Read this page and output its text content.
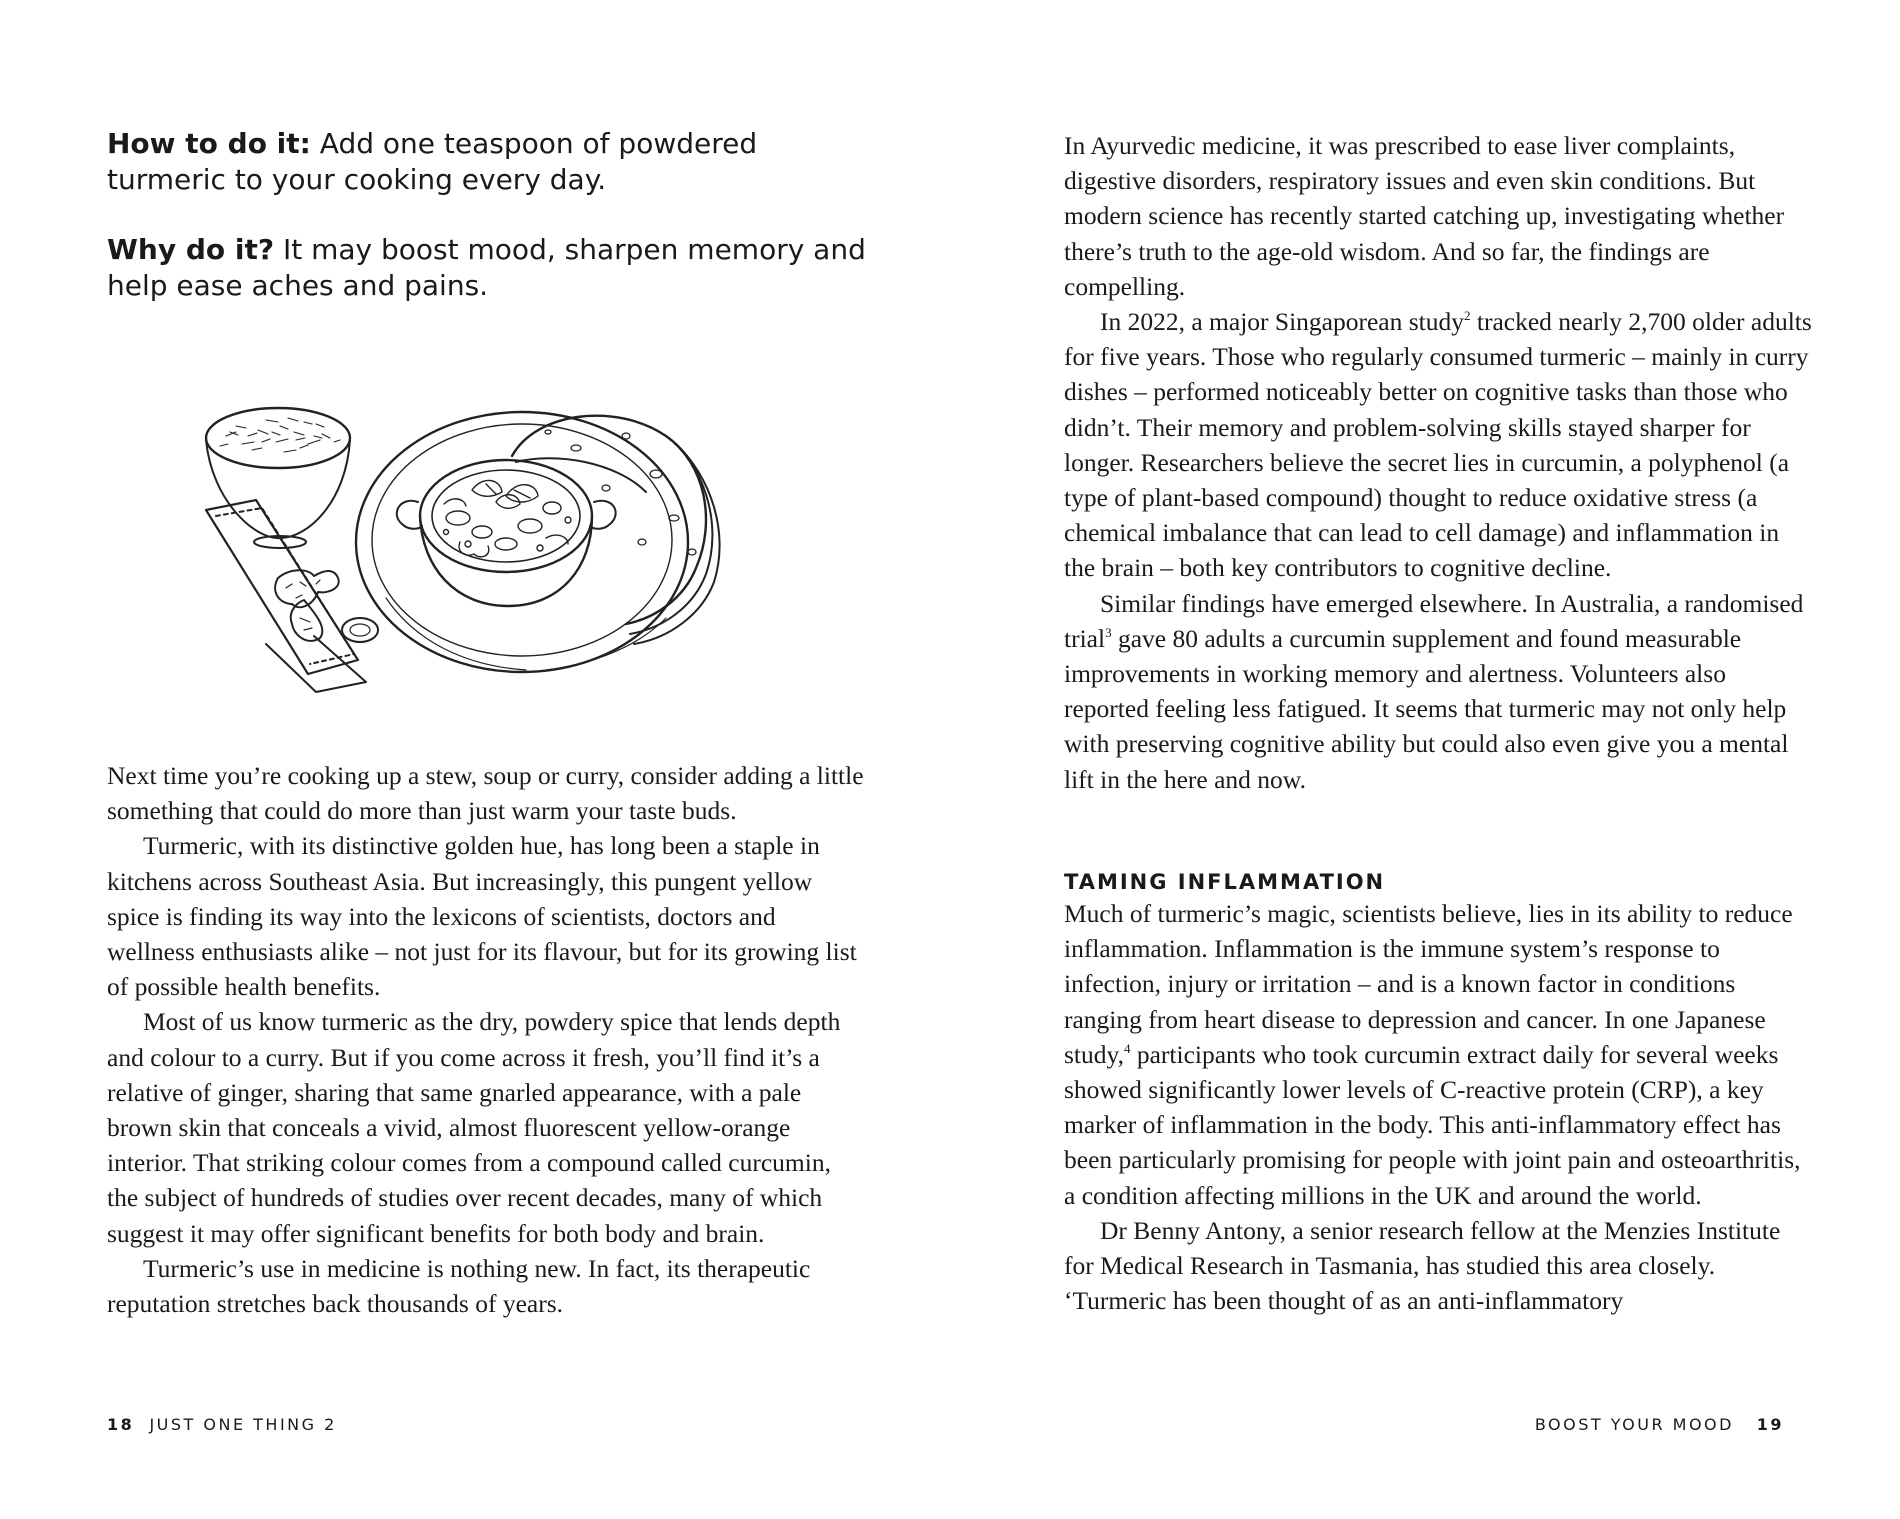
How to do it: Add one teaspoon of powdered turmeric to your cooking every day.

Why do it? It may boost mood, sharpen memory and help ease aches and pains.

Next time you’re cooking up a stew, soup or curry, consider adding a little something that could do more than just warm your taste buds.

Turmeric, with its distinctive golden hue, has long been a staple in kitchens across Southeast Asia. But increasingly, this pungent yellow spice is finding its way into the lexicons of scientists, doctors and wellness enthusiasts alike – not just for its flavour, but for its growing list of possible health benefits.

Most of us know turmeric as the dry, powdery spice that lends depth and colour to a curry. But if you come across it fresh, you’ll find it’s a relative of ginger, sharing that same gnarled appearance, with a pale brown skin that conceals a vivid, almost fluorescent yellow-orange interior. That striking colour comes from a compound called curcumin, the subject of hundreds of studies over recent decades, many of which suggest it may offer significant benefits for both body and brain.

Turmeric’s use in medicine is nothing new. In fact, its therapeutic reputation stretches back thousands of years.

18 JUST ONE THING 2

In Ayurvedic medicine, it was prescribed to ease liver complaints, digestive disorders, respiratory issues and even skin conditions. But modern science has recently started catching up, investigating whether there’s truth to the age-old wisdom. And so far, the findings are compelling.

In 2022, a major Singaporean study$^2$ tracked nearly 2,700 older adults for five years. Those who regularly consumed turmeric – mainly in curry dishes – performed noticeably better on cognitive tasks than those who didn’t. Their memory and problem-solving skills stayed sharper for longer. Researchers believe the secret lies in curcumin, a polyphenol (a type of plant-based compound) thought to reduce oxidative stress (a chemical imbalance that can lead to cell damage) and inflammation in the brain – both key contributors to cognitive decline.

Similar findings have emerged elsewhere. In Australia, a randomised trial$^3$ gave 80 adults a curcumin supplement and found measurable improvements in working memory and alertness. Volunteers also reported feeling less fatigued. It seems that turmeric may not only help with preserving cognitive ability but could also even give you a mental lift in the here and now.

TAMING INFLAMMATION

Much of turmeric’s magic, scientists believe, lies in its ability to reduce inflammation. Inflammation is the immune system’s response to infection, injury or irritation – and is a known factor in conditions ranging from heart disease to depression and cancer. In one Japanese study,$^4$ participants who took curcumin extract daily for several weeks showed significantly lower levels of C-reactive protein (CRP), a key marker of inflammation in the body. This anti-inflammatory effect has been particularly promising for people with joint pain and osteoarthritis, a condition affecting millions in the UK and around the world.

Dr Benny Antony, a senior research fellow at the Menzies Institute for Medical Research in Tasmania, has studied this area closely. ‘Turmeric has been thought of as an anti-inflammatory

BOOST YOUR MOOD 19
